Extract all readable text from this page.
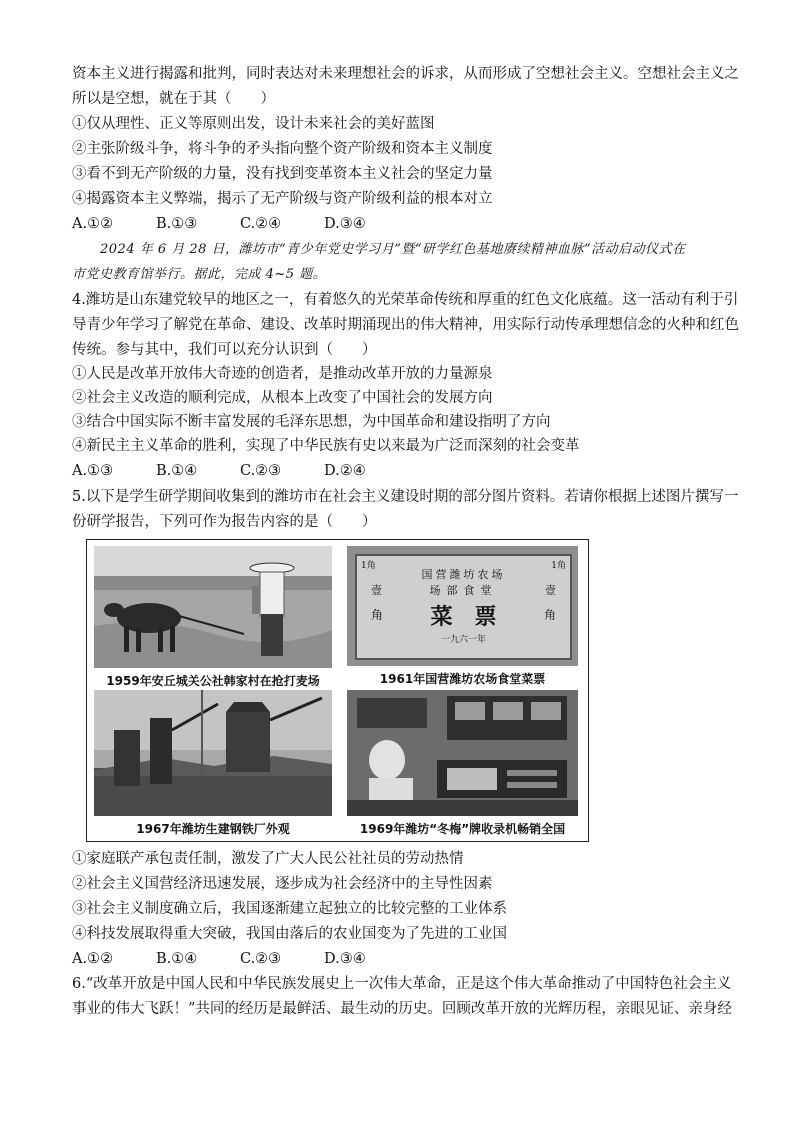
资本主义进行揭露和批判，同时表达对未来理想社会的诉求，从而形成了空想社会主义。空想社会主义之
所以是空想，就在于其（　　）
①仅从理性、正义等原则出发，设计未来社会的美好蓝图
②主张阶级斗争，将斗争的矛头指向整个资产阶级和资本主义制度
③看不到无产阶级的力量，没有找到变革资本主义社会的坚定力量
④揭露资本主义弊端，揭示了无产阶级与资产阶级利益的根本对立
A.①②	B.①③	C.②④	D.③④
2024 年 6 月 28 日，潍坊市“青少年党史学习月”暨“研学红色基地赓续精神血脉”活动启动仪式在
市党史教育馆举行。据此，完成 4~5 题。
4.潍坊是山东建党较早的地区之一，有着悠久的光荣革命传统和厚重的红色文化底蕴。这一活动有利于引
导青少年学习了解党在革命、建设、改革时期涌现出的伟大精神，用实际行动传承理想信念的火种和红色
传统。参与其中，我们可以充分认识到（　　）
①人民是改革开放伟大奇迹的创造者，是推动改革开放的力量源泉
②社会主义改造的顺利完成，从根本上改变了中国社会的发展方向
③结合中国实际不断丰富发展的毛泽东思想，为中国革命和建设指明了方向
④新民主主义革命的胜利，实现了中华民族有史以来最为广泛而深刻的社会变革
A.①③	B.①④	C.②③	D.②④
5.以下是学生研学期间收集到的潍坊市在社会主义建设时期的部分图片资料。若请你根据上述图片撰写一
份研学报告，下列可作为报告内容的是（　　）
1959年安丘城关公社韩家村在抢打麦场
1角	1角
国营潍坊农场
场部食堂
壹	壹
菜　票
角	角
一九六一年
1961年国营潍坊农场食堂菜票
1967年潍坊生建钢铁厂外观	1969年潍坊“冬梅”牌收录机畅销全国
①家庭联产承包责任制，激发了广大人民公社社员的劳动热情
②社会主义国营经济迅速发展，逐步成为社会经济中的主导性因素
③社会主义制度确立后，我国逐渐建立起独立的比较完整的工业体系
④科技发展取得重大突破，我国由落后的农业国变为了先进的工业国
A.①②	B.①④	C.②③	D.③④
6.“改革开放是中国人民和中华民族发展史上一次伟大革命，正是这个伟大革命推动了中国特色社会主义
事业的伟大飞跃！”共同的经历是最鲜活、最生动的历史。回顾改革开放的光辉历程，亲眼见证、亲身经
